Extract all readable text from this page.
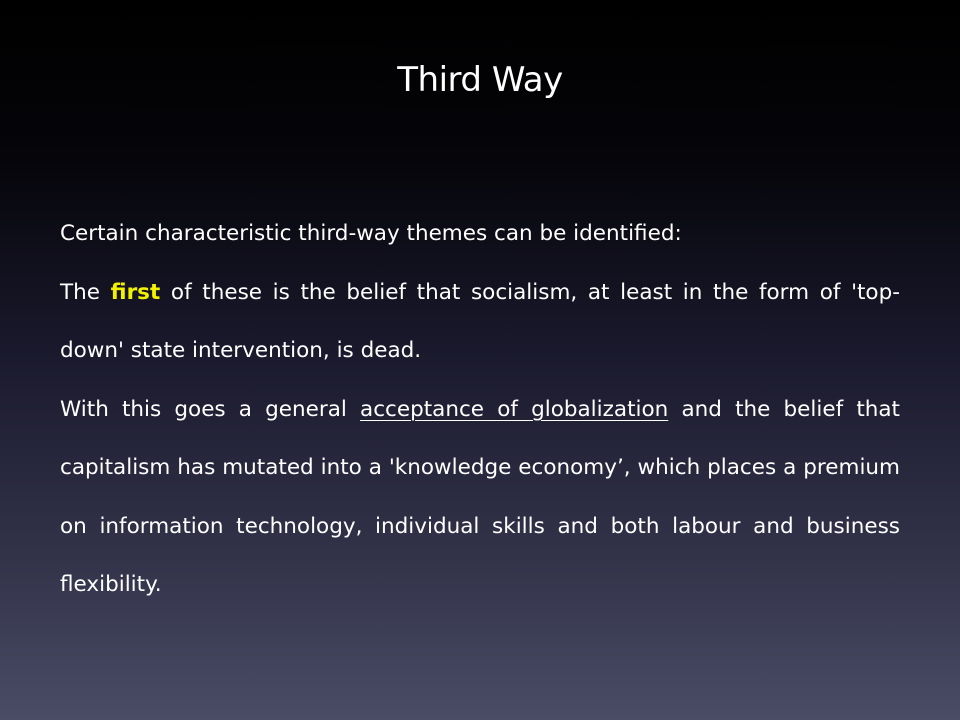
Third Way

Certain characteristic third-way themes can be identified:

The first of these is the belief that socialism, at least in the form of 'top-down' state intervention, is dead.

With this goes a general acceptance of globalization and the belief that capitalism has mutated into a 'knowledge economy’, which places a premium on information technology, individual skills and both labour and business flexibility.
